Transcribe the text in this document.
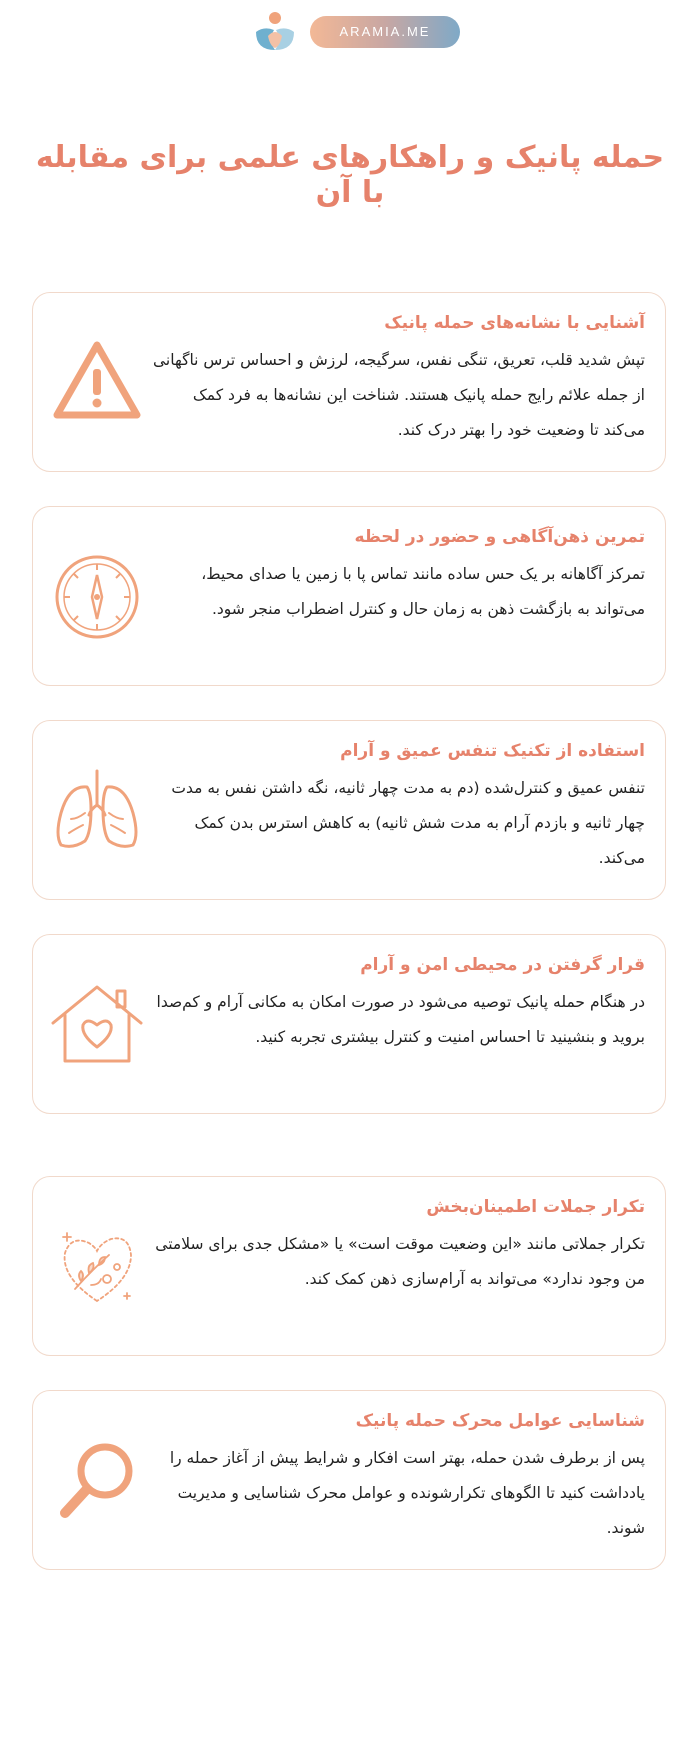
ARAMIA.ME
حمله پانیک و راهکارهای علمی برای مقابله با آن
آشنایی با نشانه‌های حمله پانیک

تپش شدید قلب، تعریق، تنگی نفس، سرگیجه، لرزش و احساس ترس ناگهانی از جمله علائم رایج حمله پانیک هستند. شناخت این نشانه‌ها به فرد کمک می‌کند تا وضعیت خود را بهتر درک کند.

تمرین ذهن‌آگاهی و حضور در لحظه

تمرکز آگاهانه بر یک حس ساده مانند تماس پا با زمین یا صدای محیط، می‌تواند به بازگشت ذهن به زمان حال و کنترل اضطراب منجر شود.

استفاده از تکنیک تنفس عمیق و آرام

تنفس عمیق و کنترل‌شده (دم به مدت چهار ثانیه، نگه داشتن نفس به مدت چهار ثانیه و بازدم آرام به مدت شش ثانیه) به کاهش استرس بدن کمک می‌کند.

قرار گرفتن در محیطی امن و آرام

در هنگام حمله پانیک توصیه می‌شود در صورت امکان به مکانی آرام و کم‌صدا بروید و بنشینید تا احساس امنیت و کنترل بیشتری تجربه کنید.

تکرار جملات اطمینان‌بخش

تکرار جملاتی مانند «این وضعیت موقت است» یا «مشکل جدی برای سلامتی من وجود ندارد» می‌تواند به آرام‌سازی ذهن کمک کند.

شناسایی عوامل محرک حمله پانیک

پس از برطرف شدن حمله، بهتر است افکار و شرایط پیش از آغاز حمله را یادداشت کنید تا الگوهای تکرارشونده و عوامل محرک شناسایی و مدیریت شوند.
